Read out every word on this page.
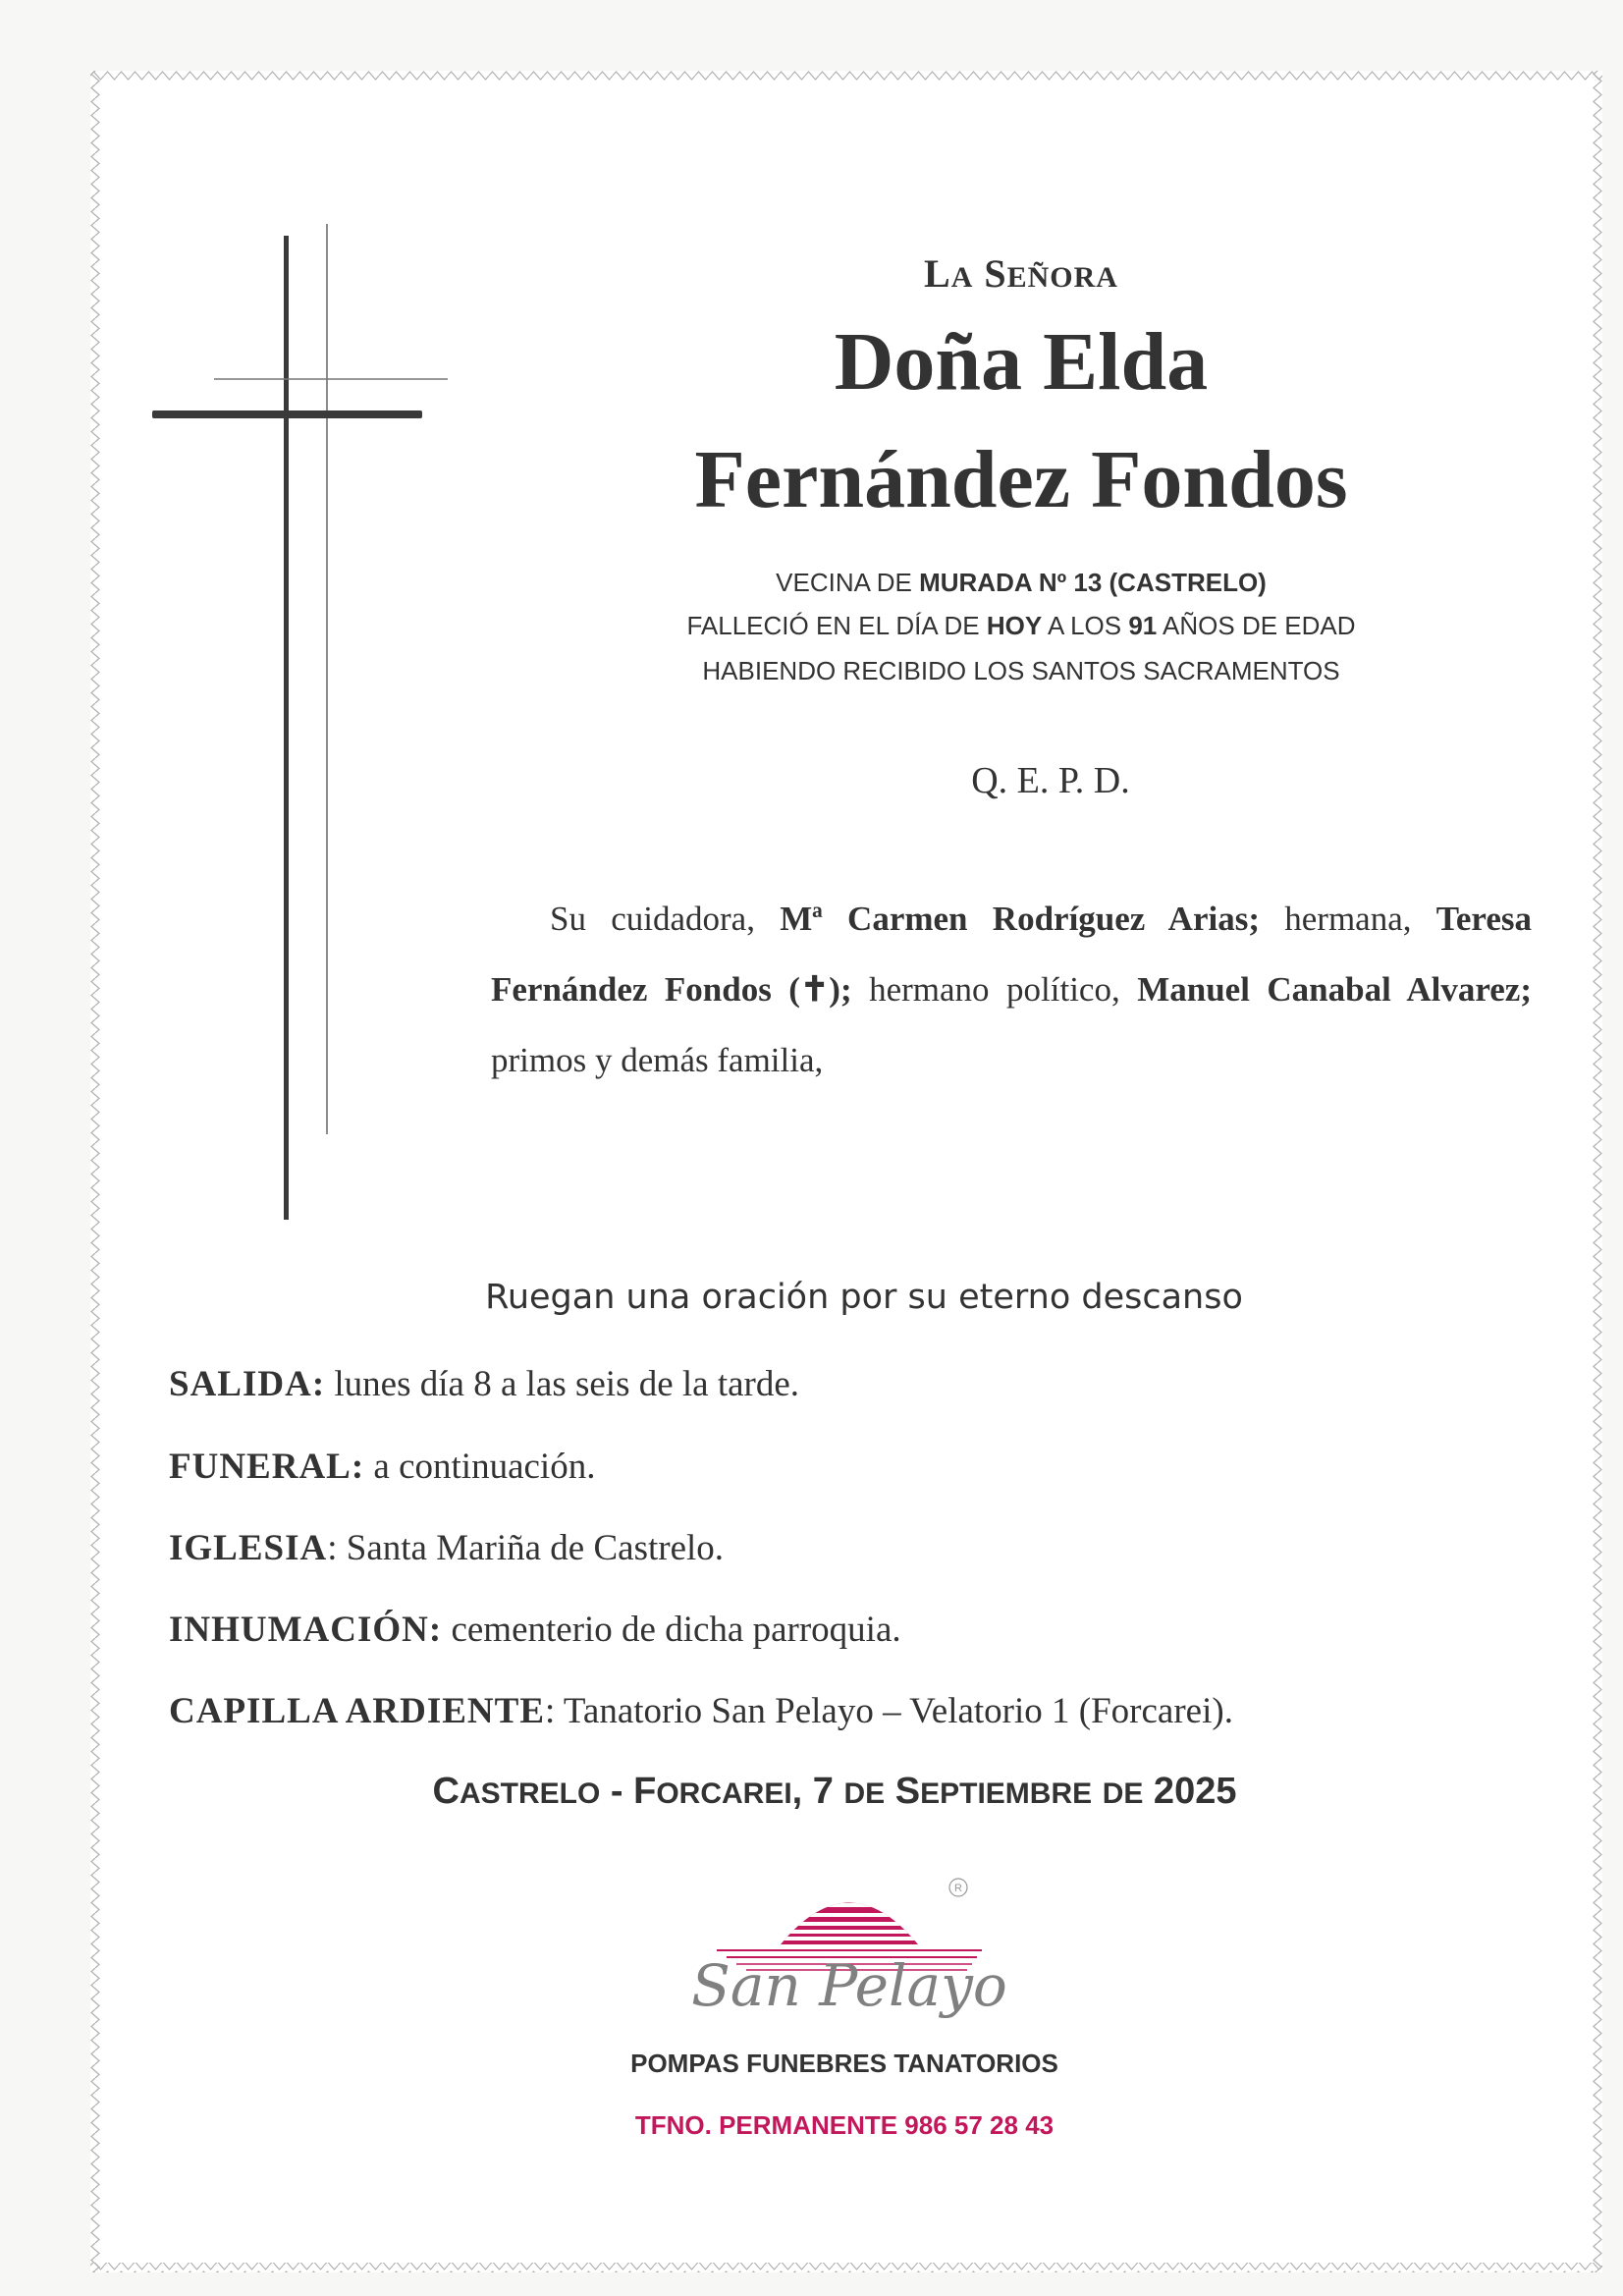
LA SEÑORA
Doña Elda
Fernández Fondos
VECINA DE MURADA Nº 13 (CASTRELO)
FALLECIÓ EN EL DÍA DE HOY A LOS 91 AÑOS DE EDAD
HABIENDO RECIBIDO LOS SANTOS SACRAMENTOS
Q. E. P. D.
Su cuidadora, Mª Carmen Rodríguez Arias; hermana, Teresa Fernández Fondos (✝); hermano político, Manuel Canabal Alvarez; primos y demás familia,
Ruegan una oración por su eterno descanso
SALIDA: lunes día 8 a las seis de la tarde.
FUNERAL: a continuación.
IGLESIA: Santa Mariña de Castrelo.
INHUMACIÓN: cementerio de dicha parroquia.
CAPILLA ARDIENTE: Tanatorio San Pelayo – Velatorio 1 (Forcarei).
CASTRELO - FORCAREI, 7 DE SEPTIEMBRE DE 2025
R
San Pelayo
POMPAS FUNEBRES TANATORIOS
TFNO. PERMANENTE 986 57 28 43
